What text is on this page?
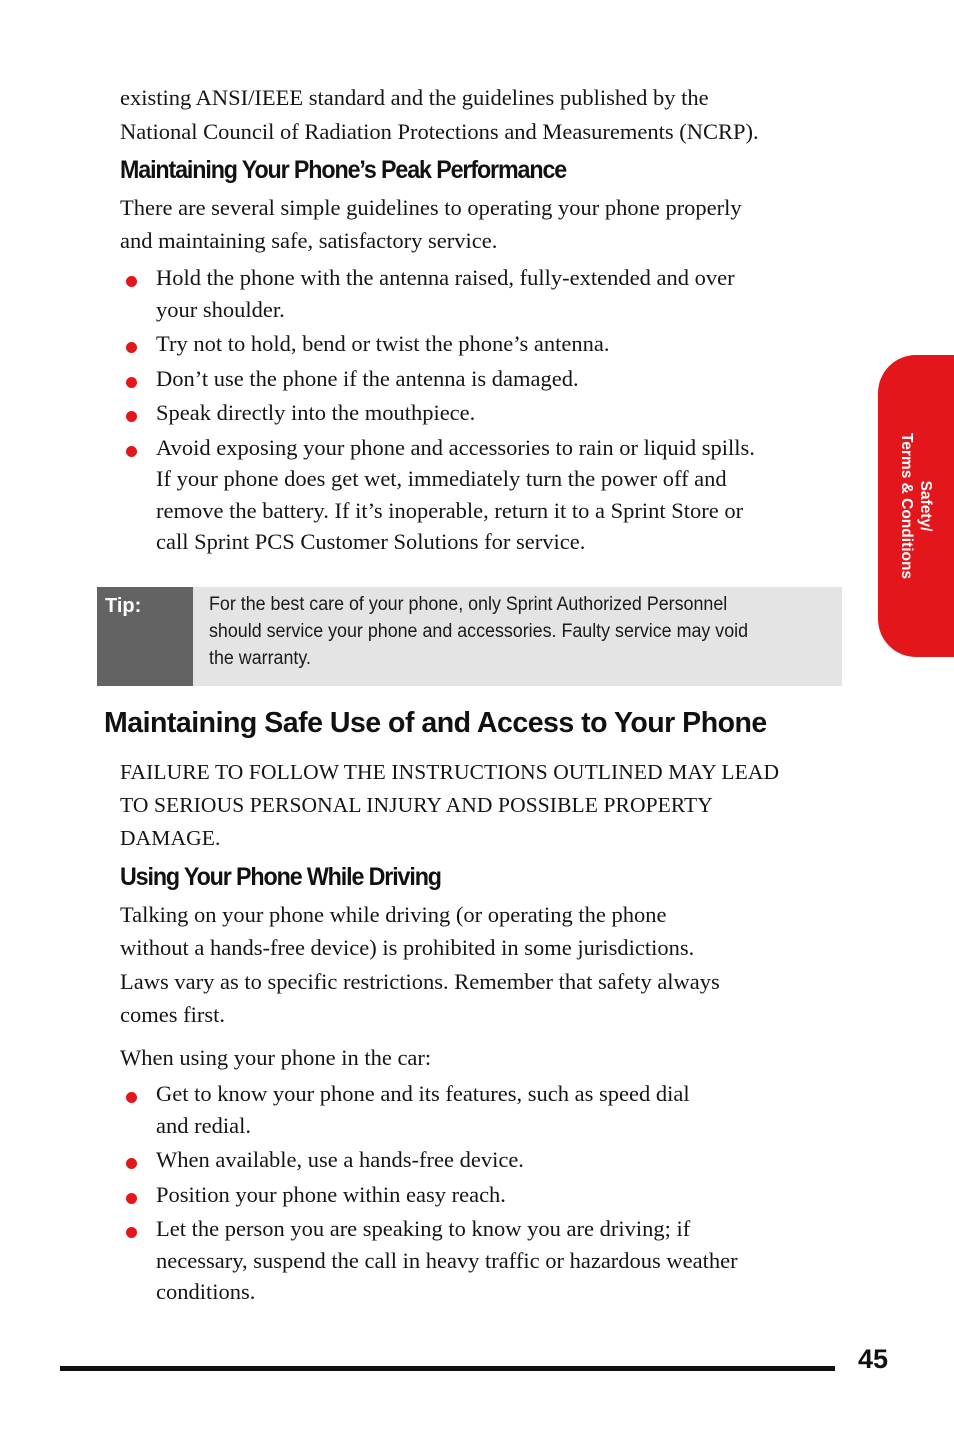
existing ANSI/IEEE standard and the guidelines published by the
National Council of Radiation Protections and Measurements (NCRP).
Maintaining Your Phone’s Peak Performance
There are several simple guidelines to operating your phone properly
and maintaining safe, satisfactory service.
Hold the phone with the antenna raised, fully-extended and over
your shoulder.
Try not to hold, bend or twist the phone’s antenna.
Don’t use the phone if the antenna is damaged.
Speak directly into the mouthpiece.
Avoid exposing your phone and accessories to rain or liquid spills.
If your phone does get wet, immediately turn the power off and
remove the battery. If it’s inoperable, return it to a Sprint Store or
call Sprint PCS Customer Solutions for service.
Tip:	For the best care of your phone, only Sprint Authorized Personnel
should service your phone and accessories. Faulty service may void
the warranty.
Maintaining Safe Use of and Access to Your Phone
FAILURE TO FOLLOW THE INSTRUCTIONS OUTLINED MAY LEAD
TO SERIOUS PERSONAL INJURY AND POSSIBLE PROPERTY
DAMAGE.
Using Your Phone While Driving
Talking on your phone while driving (or operating the phone
without a hands-free device) is prohibited in some jurisdictions.
Laws vary as to specific restrictions. Remember that safety always
comes first.
When using your phone in the car:
Get to know your phone and its features, such as speed dial
and redial.
When available, use a hands-free device.
Position your phone within easy reach.
Let the person you are speaking to know you are driving; if
necessary, suspend the call in heavy traffic or hazardous weather
conditions.
Safety/
Terms & Conditions
45
